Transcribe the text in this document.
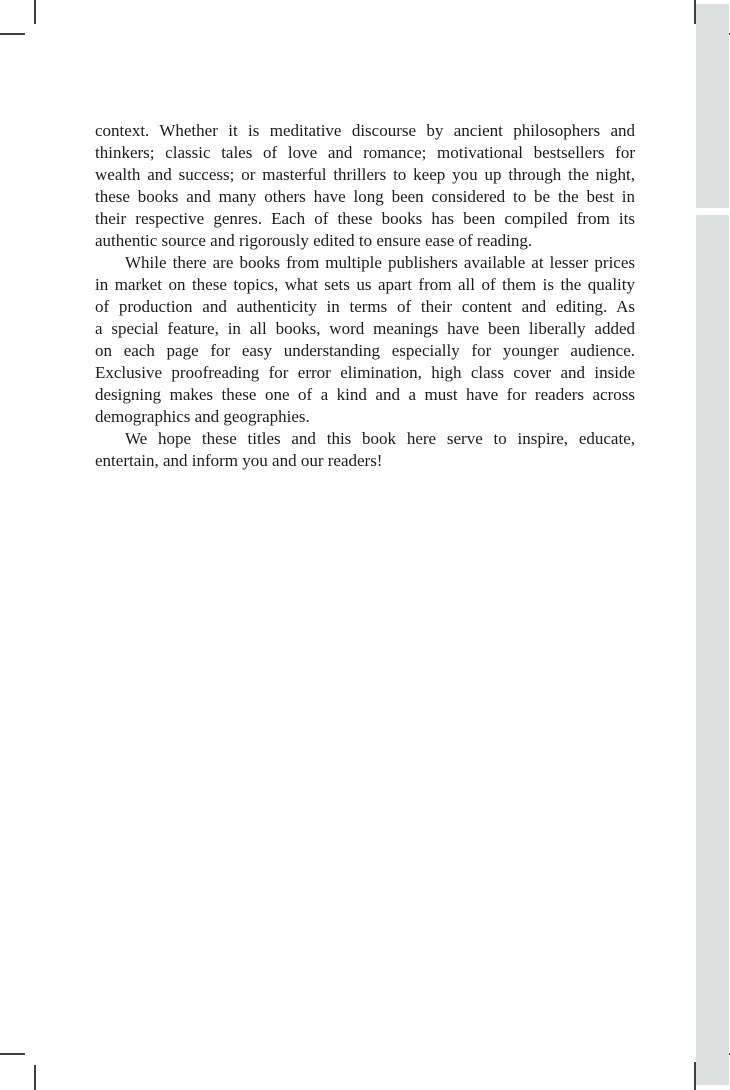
context. Whether it is meditative discourse by ancient philosophers and
thinkers; classic tales of love and romance; motivational bestsellers for
wealth and success; or masterful thrillers to keep you up through the night,
these books and many others have long been considered to be the best in
their respective genres. Each of these books has been compiled from its
authentic source and rigorously edited to ensure ease of reading.
While there are books from multiple publishers available at lesser prices
in market on these topics, what sets us apart from all of them is the quality
of production and authenticity in terms of their content and editing. As
a special feature, in all books, word meanings have been liberally added
on each page for easy understanding especially for younger audience.
Exclusive proofreading for error elimination, high class cover and inside
designing makes these one of a kind and a must have for readers across
demographics and geographies.
We hope these titles and this book here serve to inspire, educate,
entertain, and inform you and our readers!
